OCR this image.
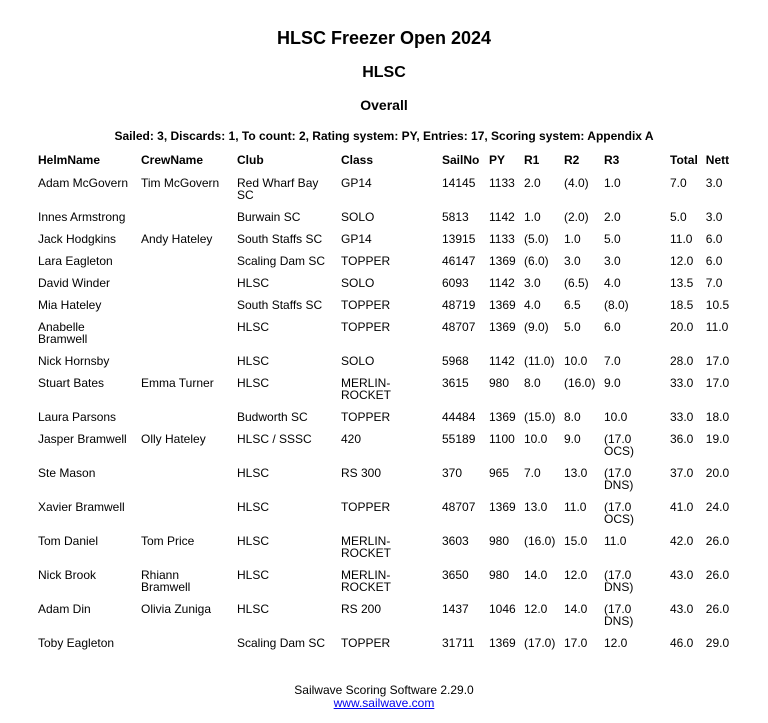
HLSC Freezer Open 2024
HLSC
Overall
Sailed: 3, Discards: 1, To count: 2, Rating system: PY, Entries: 17, Scoring system: Appendix A
HelmName	CrewName	Club	Class	SailNo	PY	R1	R2	R3	Total	Nett
Adam McGovern	Tim McGovern	Red Wharf Bay SC	GP14	14145	1133	2.0	(4.0)	1.0	7.0	3.0
Innes Armstrong		Burwain SC	SOLO	5813	1142	1.0	(2.0)	2.0	5.0	3.0
Jack Hodgkins	Andy Hateley	South Staffs SC	GP14	13915	1133	(5.0)	1.0	5.0	11.0	6.0
Lara Eagleton		Scaling Dam SC	TOPPER	46147	1369	(6.0)	3.0	3.0	12.0	6.0
David Winder		HLSC	SOLO	6093	1142	3.0	(6.5)	4.0	13.5	7.0
Mia Hateley		South Staffs SC	TOPPER	48719	1369	4.0	6.5	(8.0)	18.5	10.5
Anabelle Bramwell		HLSC	TOPPER	48707	1369	(9.0)	5.0	6.0	20.0	11.0
Nick Hornsby		HLSC	SOLO	5968	1142	(11.0)	10.0	7.0	28.0	17.0
Stuart Bates	Emma Turner	HLSC	MERLIN-ROCKET	3615	980	8.0	(16.0)	9.0	33.0	17.0
Laura Parsons		Budworth SC	TOPPER	44484	1369	(15.0)	8.0	10.0	33.0	18.0
Jasper Bramwell	Olly Hateley	HLSC / SSSC	420	55189	1100	10.0	9.0	(17.0 OCS)	36.0	19.0
Ste Mason		HLSC	RS 300	370	965	7.0	13.0	(17.0 DNS)	37.0	20.0
Xavier Bramwell		HLSC	TOPPER	48707	1369	13.0	11.0	(17.0 OCS)	41.0	24.0
Tom Daniel	Tom Price	HLSC	MERLIN-ROCKET	3603	980	(16.0)	15.0	11.0	42.0	26.0
Nick Brook	Rhiann Bramwell	HLSC	MERLIN-ROCKET	3650	980	14.0	12.0	(17.0 DNS)	43.0	26.0
Adam Din	Olivia Zuniga	HLSC	RS 200	1437	1046	12.0	14.0	(17.0 DNS)	43.0	26.0
Toby Eagleton		Scaling Dam SC	TOPPER	31711	1369	(17.0)	17.0	12.0	46.0	29.0
Sailwave Scoring Software 2.29.0
www.sailwave.com
